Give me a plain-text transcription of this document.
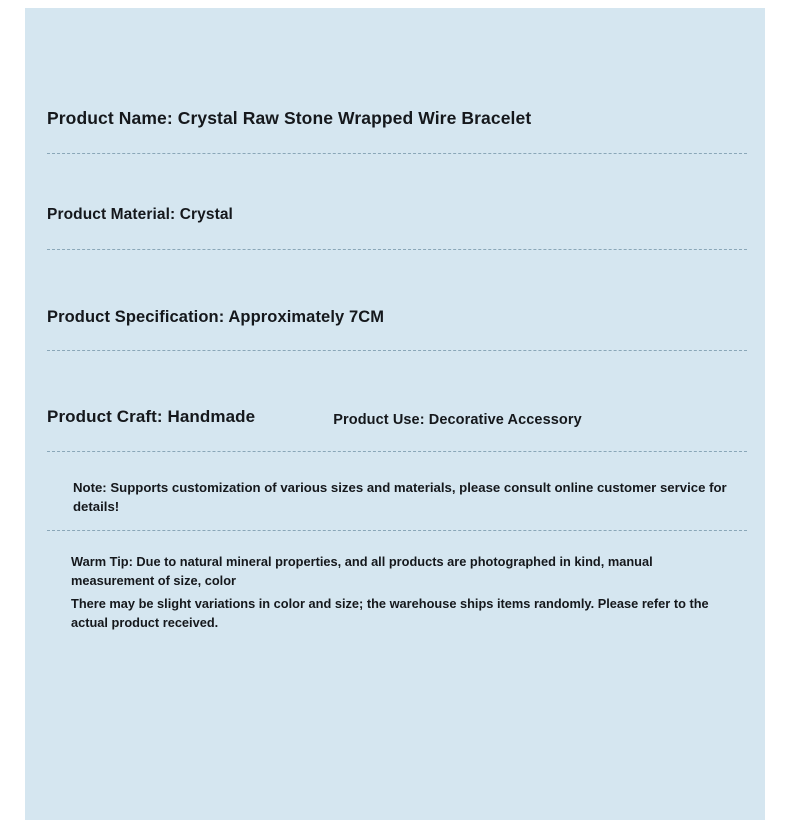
Product Name: Crystal Raw Stone Wrapped Wire Bracelet
Product Material: Crystal
Product Specification: Approximately 7CM
Product Craft: Handmade	Product Use: Decorative Accessory
Note: Supports customization of various sizes and materials, please consult online customer service for details!

Warm Tip: Due to natural mineral properties, and all products are photographed in kind, manual measurement of size, color

There may be slight variations in color and size; the warehouse ships items randomly. Please refer to the actual product received.
